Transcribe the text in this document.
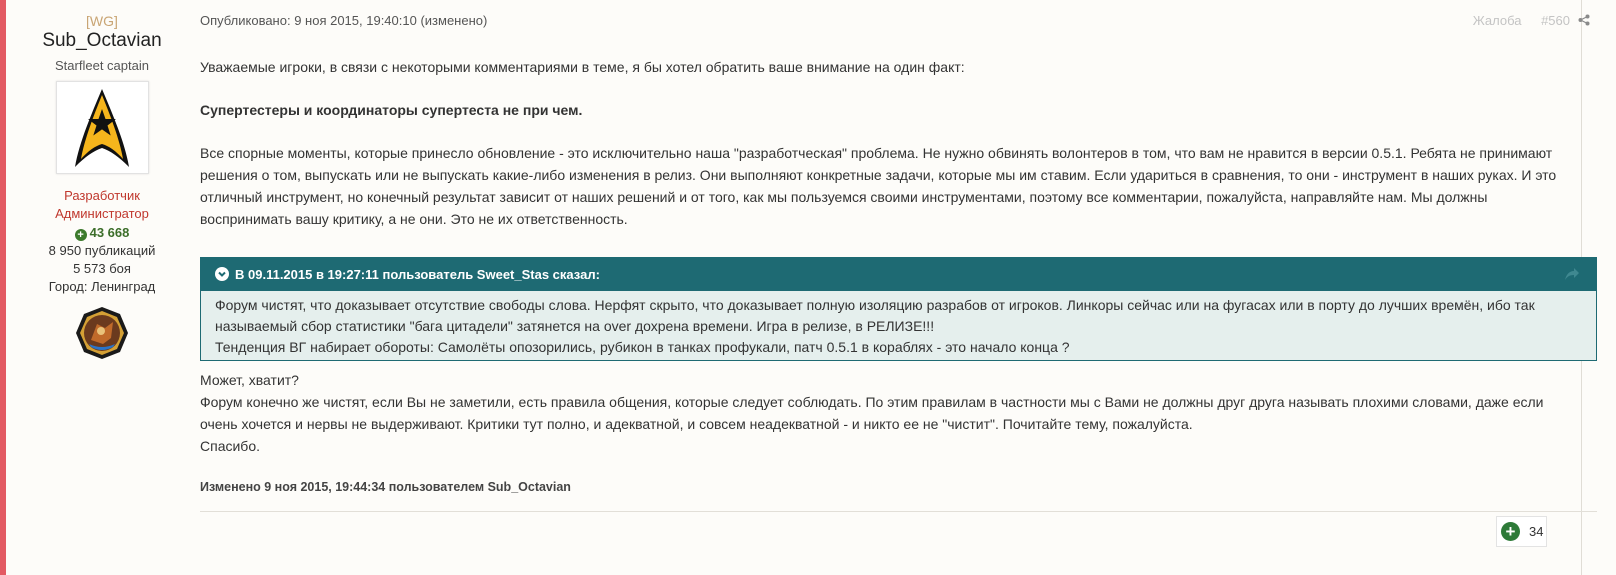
[WG]
Sub_Octavian
Starfleet captain
Разработчик
Администратор
+ 43 668
8 950 публикаций
5 573 боя
Город: Ленинград
Опубликовано: 9 ноя 2015, 19:40:10 (изменено)	Жалоба #560

Уважаемые игроки, в связи с некоторыми комментариями в теме, я бы хотел обратить ваше внимание на один факт:

Супертестеры и координаторы супертеста не при чем.

Все спорные моменты, которые принесло обновление - это исключительно наша "разработческая" проблема. Не нужно обвинять волонтеров в том, что вам не нравится в версии 0.5.1. Ребята не принимают решения о том, выпускать или не выпускать какие-либо изменения в релиз. Они выполняют конкретные задачи, которые мы им ставим. Если удариться в сравнения, то они - инструмент в наших руках. И это отличный инструмент, но конечный результат зависит от наших решений и от того, как мы пользуемся своими инструментами, поэтому все комментарии, пожалуйста, направляйте нам. Мы должны воспринимать вашу критику, а не они. Это не их ответственность.

В 09.11.2015 в 19:27:11 пользователь Sweet_Stas сказал:
Форум чистят, что доказывает отсутствие свободы слова. Нерфят скрыто, что доказывает полную изоляцию разрабов от игроков. Линкоры сейчас или на фугасах или в порту до лучших времён, ибо так называемый сбор статистики "бага цитадели" затянется на over дохрена времени. Игра в релизе, в РЕЛИЗЕ!!!
Тенденция ВГ набирает обороты: Самолёты опозорились, рубикон в танках профукали, патч 0.5.1 в кораблях - это начало конца ?
Может, хватит?
Форум конечно же чистят, если Вы не заметили, есть правила общения, которые следует соблюдать. По этим правилам в частности мы с Вами не должны друг друга называть плохими словами, даже если очень хочется и нервы не выдерживают. Критики тут полно, и адекватной, и совсем неадекватной - и никто ее не "чистит". Почитайте тему, пожалуйста.
Спасибо.
Изменено 9 ноя 2015, 19:44:34 пользователем Sub_Octavian
+	34
